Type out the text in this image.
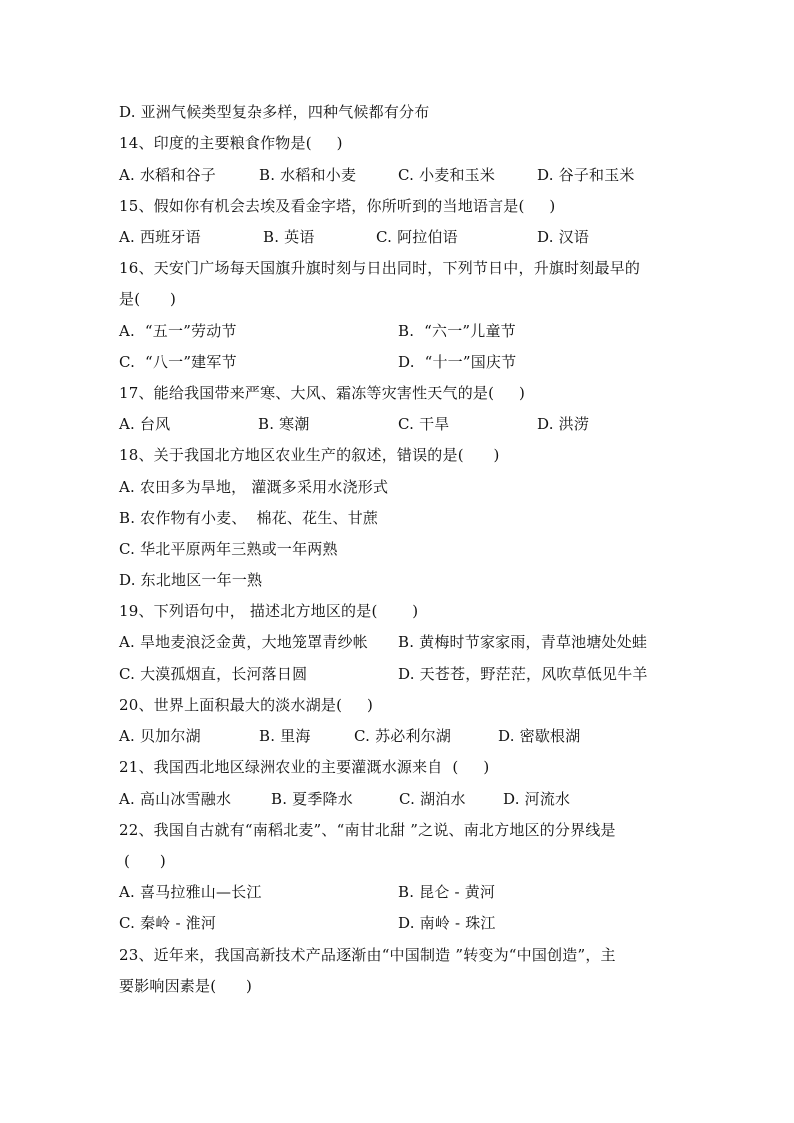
D. 亚洲气候类型复杂多样，四种气候都有分布
14、印度的主要粮食作物是(     )
A. 水稻和谷子	B. 水稻和小麦	C. 小麦和玉米	D. 谷子和玉米
15、假如你有机会去埃及看金字塔，你所听到的当地语言是(     )
A. 西班牙语	B. 英语	C. 阿拉伯语	D. 汉语
16、天安门广场每天国旗升旗时刻与日出同时，下列节日中，升旗时刻最早的
是(      )
A.  “五一”劳动节	B.  “六一”儿童节
C.  “八一”建军节	D.  “十一”国庆节
17、能给我国带来严寒、大风、霜冻等灾害性天气的是(     )
A. 台风	B. 寒潮	C. 干旱	D. 洪涝
18、关于我国北方地区农业生产的叙述，错误的是(      )
A. 农田多为旱地， 灌溉多采用水浇形式
B. 农作物有小麦、  棉花、花生、甘蔗
C. 华北平原两年三熟或一年两熟
D. 东北地区一年一熟
19、下列语句中， 描述北方地区的是(       )
A. 旱地麦浪泛金黄，大地笼罩青纱帐 B. 黄梅时节家家雨，青草池塘处处蛙
C. 大漠孤烟直，长河落日圆	D. 天苍苍，野茫茫，风吹草低见牛羊
20、世界上面积最大的淡水湖是(     )
A. 贝加尔湖	B. 里海	C. 苏必利尔湖	D. 密歇根湖
21、我国西北地区绿洲农业的主要灌溉水源来自  (     )
A. 高山冰雪融水	B. 夏季降水	C. 湖泊水 D. 河流水
22、我国自古就有“南稻北麦”、“南甘北甜 ”之说、南北方地区的分界线是
(      )
A. 喜马拉雅山—长江	B. 昆仑 - 黄河
C. 秦岭 - 淮河	D. 南岭 - 珠江
23、近年来，我国高新技术产品逐渐由“中国制造 ”转变为“中国创造”，主
要影响因素是(      )
